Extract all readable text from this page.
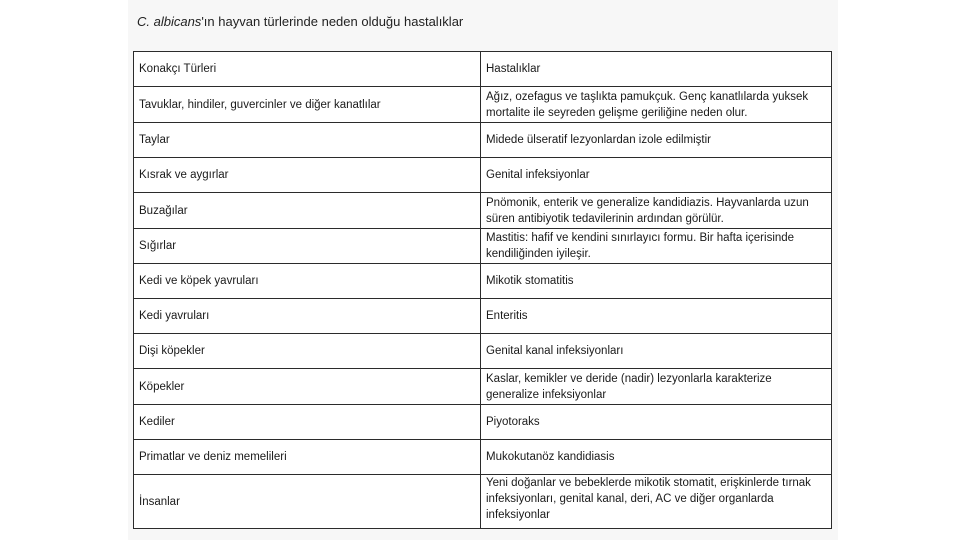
C. albicans'ın hayvan türlerinde neden olduğu hastalıklar
Konakçı Türleri	Hastalıklar
Tavuklar, hindiler, guvercinler ve diğer kanatlılar	Ağız, ozefagus ve taşlıkta pamukçuk. Genç kanatlılarda yuksek mortalite ile seyreden gelişme geriliğine neden olur.
Taylar	Midede ülseratif lezyonlardan izole edilmiştir
Kısrak ve aygırlar	Genital infeksiyonlar
Buzağılar	Pnömonik, enterik ve generalize kandidiazis. Hayvanlarda uzun süren antibiyotik tedavilerinin ardından görülür.
Sığırlar	Mastitis: hafif ve kendini sınırlayıcı formu. Bir hafta içerisinde kendiliğinden iyileşir.
Kedi ve köpek yavruları	Mikotik stomatitis
Kedi yavruları	Enteritis
Dişi köpekler	Genital kanal infeksiyonları
Köpekler	Kaslar, kemikler ve deride (nadir) lezyonlarla karakterize generalize infeksiyonlar
Kediler	Piyotoraks
Primatlar ve deniz memelileri	Mukokutanöz kandidiasis
İnsanlar	Yeni doğanlar ve bebeklerde mikotik stomatit, erişkinlerde tırnak infeksiyonları, genital kanal, deri, AC ve diğer organlarda infeksiyonlar
